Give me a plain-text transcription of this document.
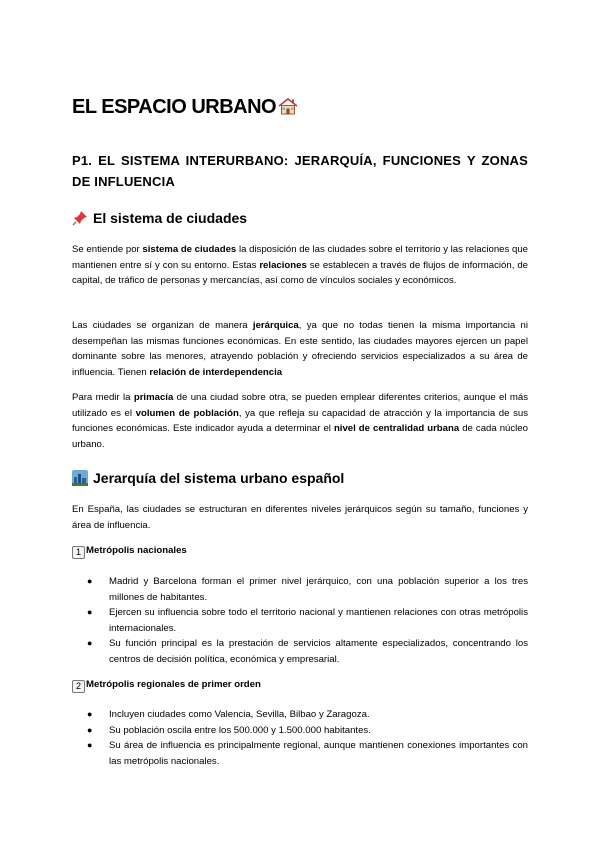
EL ESPACIO URBANO
P1. EL SISTEMA INTERURBANO: JERARQUÍA, FUNCIONES Y ZONAS DE INFLUENCIA
El sistema de ciudades

Se entiende por sistema de ciudades la disposición de las ciudades sobre el territorio y las relaciones que mantienen entre sí y con su entorno. Estas relaciones se establecen a través de flujos de información, de capital, de tráfico de personas y mercancías, así como de vínculos sociales y económicos.

Las ciudades se organizan de manera jerárquica, ya que no todas tienen la misma importancia ni desempeñan las mismas funciones económicas. En este sentido, las ciudades mayores ejercen un papel dominante sobre las menores, atrayendo población y ofreciendo servicios especializados a su área de influencia. Tienen relación de interdependencia

Para medir la primacía de una ciudad sobre otra, se pueden emplear diferentes criterios, aunque el más utilizado es el volumen de población, ya que refleja su capacidad de atracción y la importancia de sus funciones económicas. Este indicador ayuda a determinar el nivel de centralidad urbana de cada núcleo urbano.

Jerarquía del sistema urbano español

En España, las ciudades se estructuran en diferentes niveles jerárquicos según su tamaño, funciones y área de influencia.

1 Metrópolis nacionales
● Madrid y Barcelona forman el primer nivel jerárquico, con una población superior a los tres millones de habitantes.
● Ejercen su influencia sobre todo el territorio nacional y mantienen relaciones con otras metrópolis internacionales.
● Su función principal es la prestación de servicios altamente especializados, concentrando los centros de decisión política, económica y empresarial.
2 Metrópolis regionales de primer orden
● Incluyen ciudades como Valencia, Sevilla, Bilbao y Zaragoza.
● Su población oscila entre los 500.000 y 1.500.000 habitantes.
● Su área de influencia es principalmente regional, aunque mantienen conexiones importantes con las metrópolis nacionales.
